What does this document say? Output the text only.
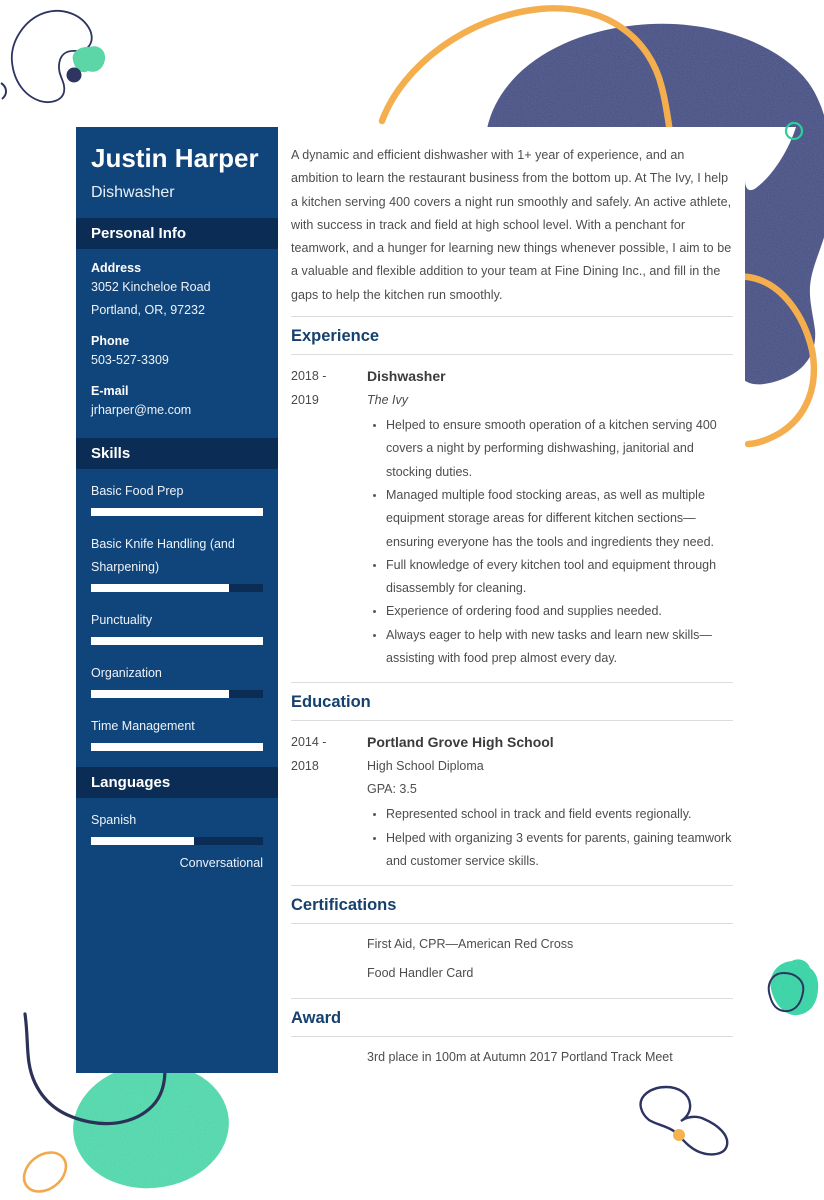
Justin Harper
Dishwasher
Personal Info
Address
3052 Kincheloe Road
Portland, OR, 97232
Phone
503-527-3309
E-mail
jrharper@me.com
Skills
Basic Food Prep
Basic Knife Handling (and Sharpening)
Punctuality
Organization
Time Management
Languages
Spanish
Conversational
A dynamic and efficient dishwasher with 1+ year of experience, and an ambition to learn the restaurant business from the bottom up. At The Ivy, I help a kitchen serving 400 covers a night run smoothly and safely. An active athlete, with success in track and field at high school level. With a penchant for teamwork, and a hunger for learning new things whenever possible, I aim to be a valuable and flexible addition to your team at Fine Dining Inc., and fill in the gaps to help the kitchen run smoothly.
Experience
2018 -
2019
Dishwasher
The Ivy
• Helped to ensure smooth operation of a kitchen serving 400 covers a night by performing dishwashing, janitorial and stocking duties.
• Managed multiple food stocking areas, as well as multiple equipment storage areas for different kitchen sections—ensuring everyone has the tools and ingredients they need.
• Full knowledge of every kitchen tool and equipment through disassembly for cleaning.
• Experience of ordering food and supplies needed.
• Always eager to help with new tasks and learn new skills—assisting with food prep almost every day.
Education
2014 -
2018
Portland Grove High School
High School Diploma
GPA: 3.5
• Represented school in track and field events regionally.
• Helped with organizing 3 events for parents, gaining teamwork and customer service skills.
Certifications
First Aid, CPR—American Red Cross
Food Handler Card
Award
3rd place in 100m at Autumn 2017 Portland Track Meet
